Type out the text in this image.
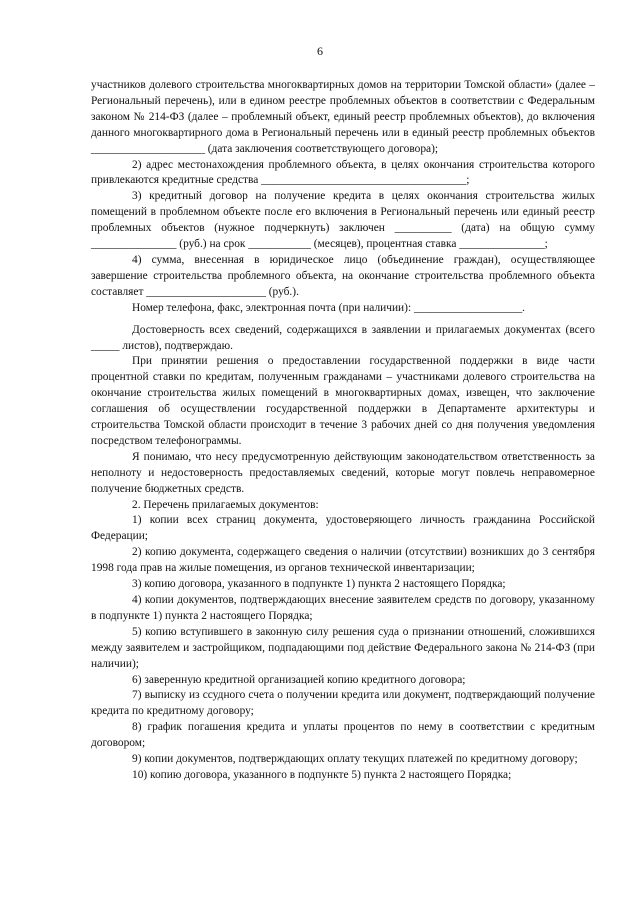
6

участников долевого строительства многоквартирных домов на территории Томской области» (далее – Региональный перечень), или в едином реестре проблемных объектов в соответствии с Федеральным законом № 214-ФЗ (далее – проблемный объект, единый реестр проблемных объектов), до включения данного многоквартирного дома в Региональный перечень или в единый реестр проблемных объектов ____________________ (дата заключения соответствующего договора);

2) адрес местонахождения проблемного объекта, в целях окончания строительства которого привлекаются кредитные средства ____________________________________;

3) кредитный договор на получение кредита в целях окончания строительства жилых помещений в проблемном объекте после его включения в Региональный перечень или единый реестр проблемных объектов (нужное подчеркнуть) заключен __________ (дата) на общую сумму _______________ (руб.) на срок ___________ (месяцев), процентная ставка _______________;

4) сумма, внесенная в юридическое лицо (объединение граждан), осуществляющее завершение строительства проблемного объекта, на окончание строительства проблемного объекта составляет _____________________ (руб.).

Номер телефона, факс, электронная почта (при наличии): ___________________.

Достоверность всех сведений, содержащихся в заявлении и прилагаемых документах (всего _____ листов), подтверждаю.

При принятии решения о предоставлении государственной поддержки в виде части процентной ставки по кредитам, полученным гражданами – участниками долевого строительства на окончание строительства жилых помещений в многоквартирных домах, извещен, что заключение соглашения об осуществлении государственной поддержки в Департаменте архитектуры и строительства Томской области происходит в течение 3 рабочих дней со дня получения уведомления посредством телефонограммы.

Я понимаю, что несу предусмотренную действующим законодательством ответственность за неполноту и недостоверность предоставляемых сведений, которые могут повлечь неправомерное получение бюджетных средств.

2. Перечень прилагаемых документов:

1) копии всех страниц документа, удостоверяющего личность гражданина Российской Федерации;

2) копию документа, содержащего сведения о наличии (отсутствии) возникших до 3 сентября 1998 года прав на жилые помещения, из органов технической инвентаризации;

3) копию договора, указанного в подпункте 1) пункта 2 настоящего Порядка;

4) копии документов, подтверждающих внесение заявителем средств по договору, указанному в подпункте 1) пункта 2 настоящего Порядка;

5) копию вступившего в законную силу решения суда о признании отношений, сложившихся между заявителем и застройщиком, подпадающими под действие Федерального закона № 214-ФЗ (при наличии);

6) заверенную кредитной организацией копию кредитного договора;

7) выписку из ссудного счета о получении кредита или документ, подтверждающий получение кредита по кредитному договору;

8) график погашения кредита и уплаты процентов по нему в соответствии с кредитным договором;

9) копии документов, подтверждающих оплату текущих платежей по кредитному договору;

10) копию договора, указанного в подпункте 5) пункта 2 настоящего Порядка;
